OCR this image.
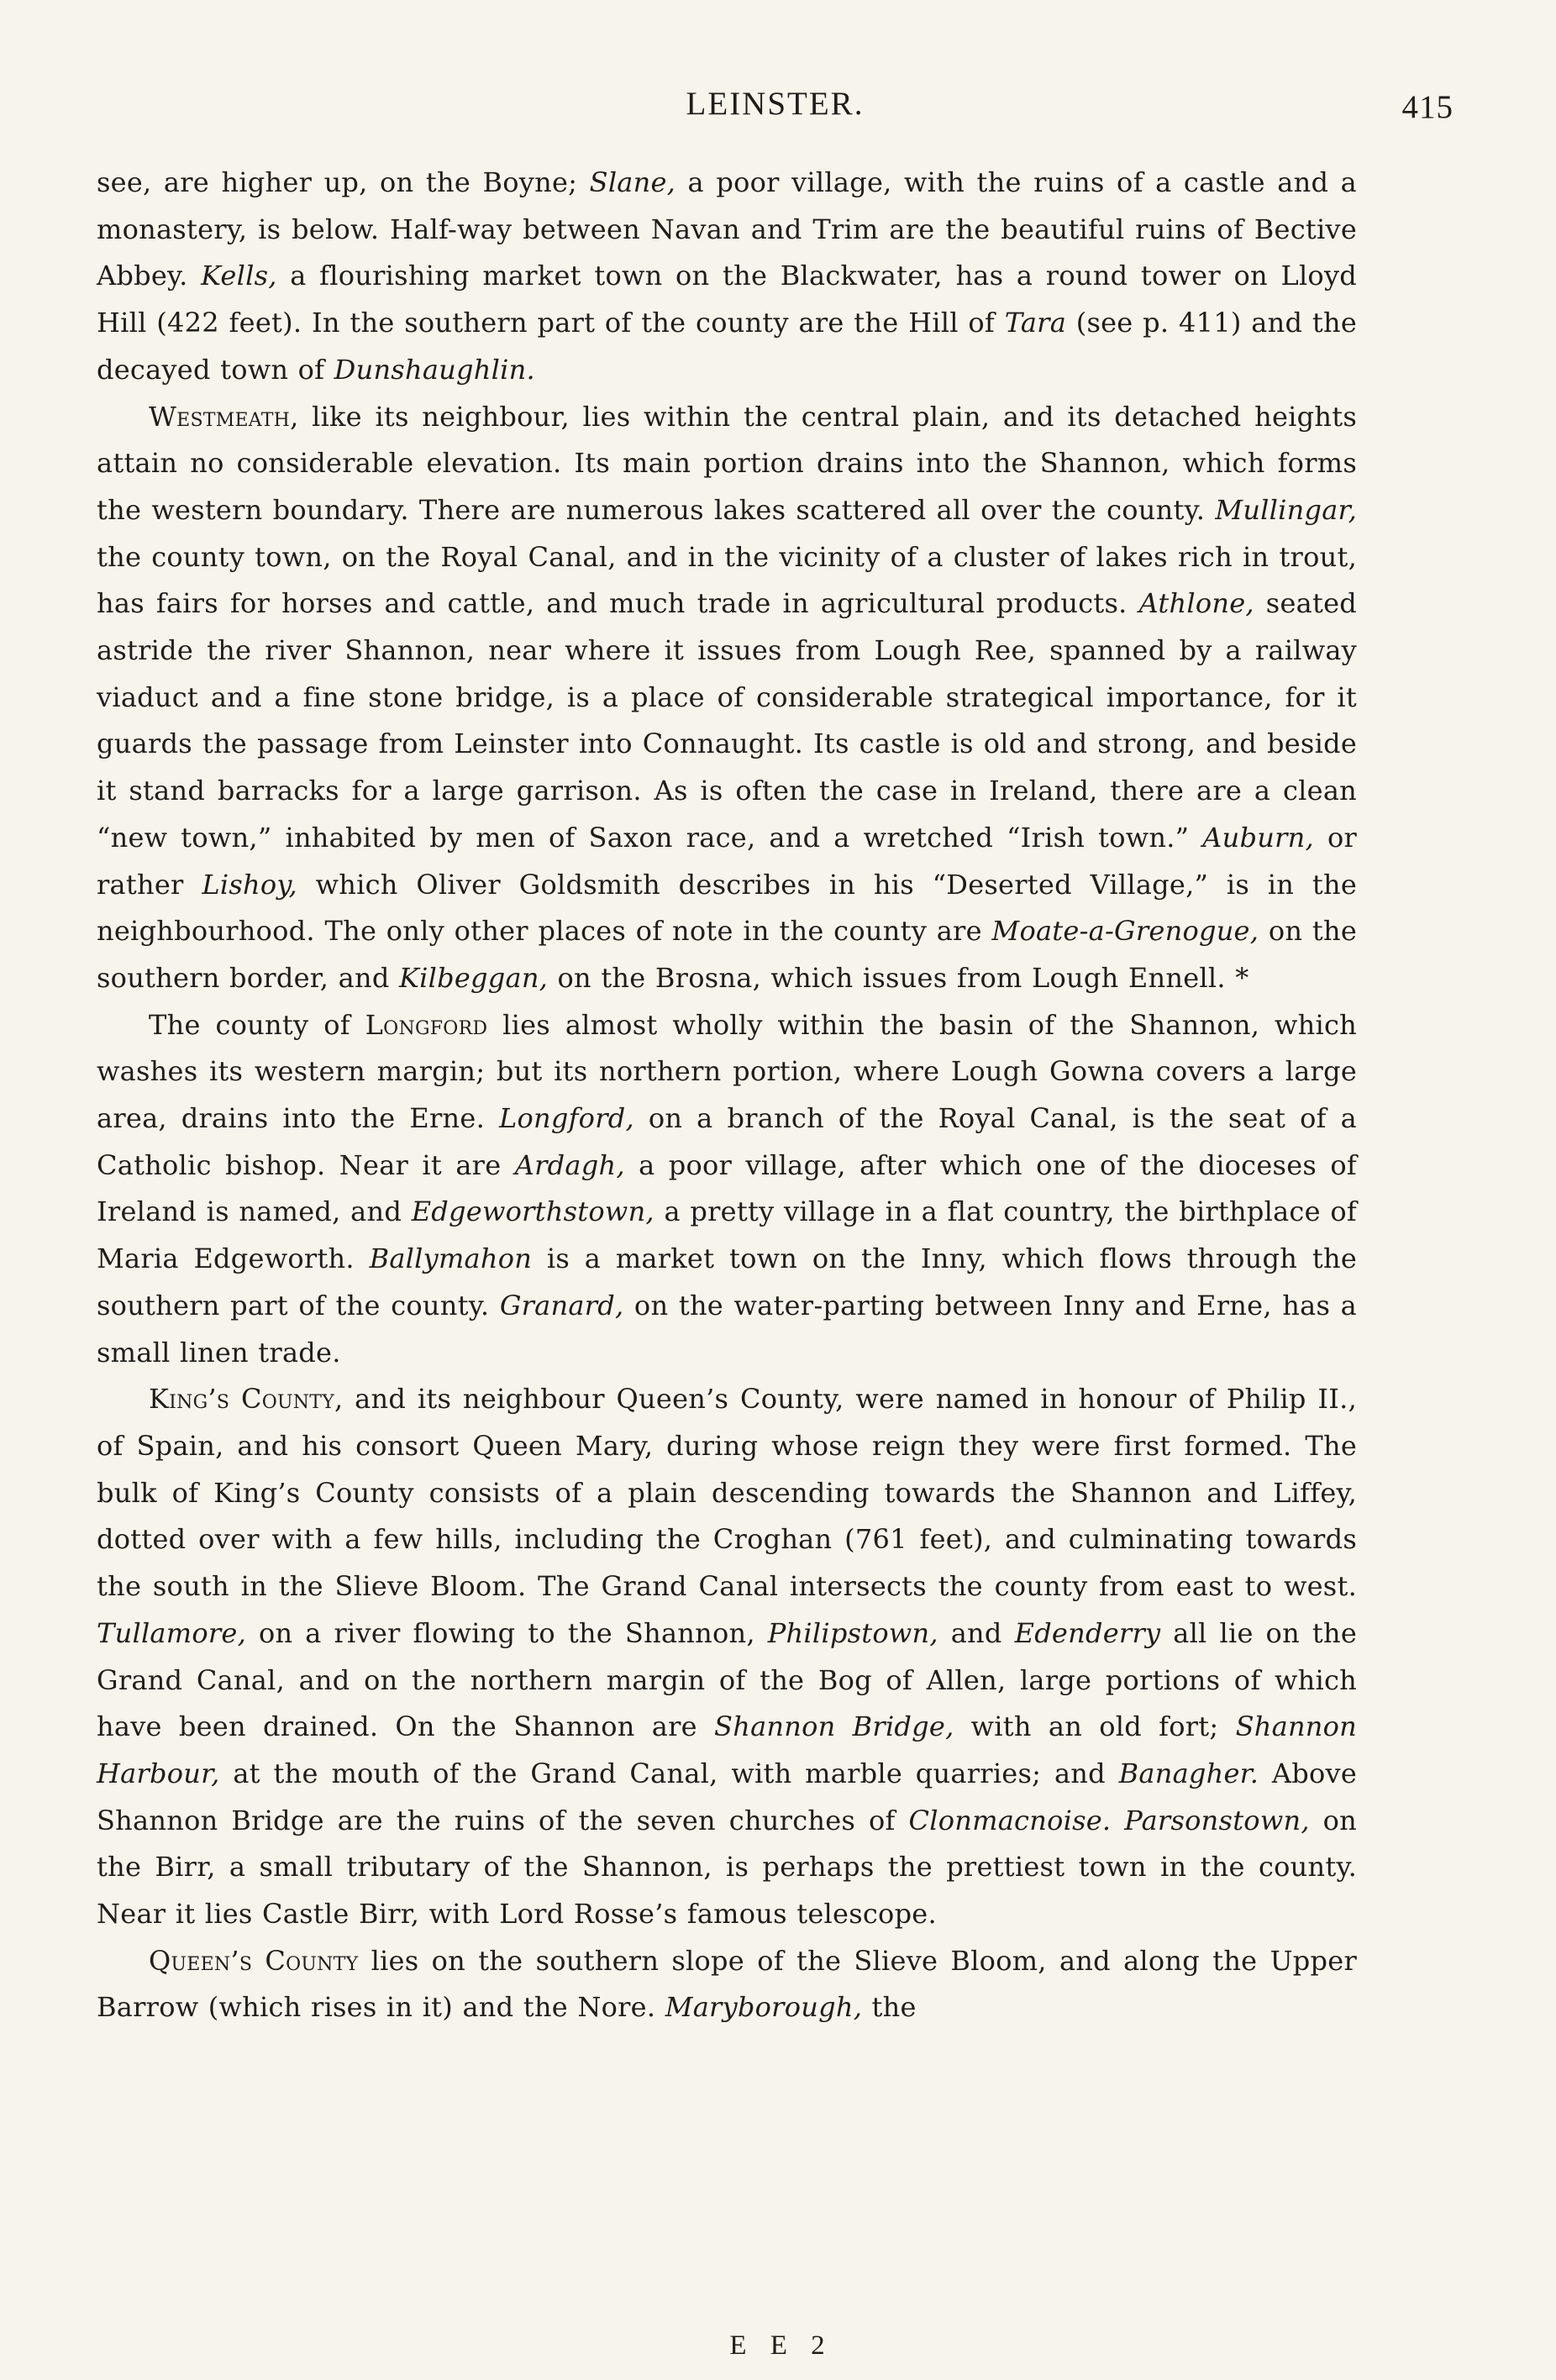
LEINSTER.	415

see, are higher up, on the Boyne; Slane, a poor village, with the ruins of a castle and a monastery, is below. Half-way between Navan and Trim are the beautiful ruins of Bective Abbey. Kells, a flourishing market town on the Blackwater, has a round tower on Lloyd Hill (422 feet). In the southern part of the county are the Hill of Tara (see p. 411) and the decayed town of Dunshaughlin.

Westmeath, like its neighbour, lies within the central plain, and its detached heights attain no considerable elevation. Its main portion drains into the Shannon, which forms the western boundary. There are numerous lakes scattered all over the county. Mullingar, the county town, on the Royal Canal, and in the vicinity of a cluster of lakes rich in trout, has fairs for horses and cattle, and much trade in agricultural products. Athlone, seated astride the river Shannon, near where it issues from Lough Ree, spanned by a railway viaduct and a fine stone bridge, is a place of considerable strategical importance, for it guards the passage from Leinster into Connaught. Its castle is old and strong, and beside it stand barracks for a large garrison. As is often the case in Ireland, there are a clean “new town,” inhabited by men of Saxon race, and a wretched “Irish town.” Auburn, or rather Lishoy, which Oliver Goldsmith describes in his “Deserted Village,” is in the neighbourhood. The only other places of note in the county are Moate-a-Grenogue, on the southern border, and Kilbeggan, on the Brosna, which issues from Lough Ennell. *

The county of Longford lies almost wholly within the basin of the Shannon, which washes its western margin; but its northern portion, where Lough Gowna covers a large area, drains into the Erne. Longford, on a branch of the Royal Canal, is the seat of a Catholic bishop. Near it are Ardagh, a poor village, after which one of the dioceses of Ireland is named, and Edgeworthstown, a pretty village in a flat country, the birthplace of Maria Edgeworth. Ballymahon is a market town on the Inny, which flows through the southern part of the county. Granard, on the water-parting between Inny and Erne, has a small linen trade.

King’s County, and its neighbour Queen’s County, were named in honour of Philip II., of Spain, and his consort Queen Mary, during whose reign they were first formed. The bulk of King’s County consists of a plain descending towards the Shannon and Liffey, dotted over with a few hills, including the Croghan (761 feet), and culminating towards the south in the Slieve Bloom. The Grand Canal intersects the county from east to west. Tullamore, on a river flowing to the Shannon, Philipstown, and Edenderry all lie on the Grand Canal, and on the northern margin of the Bog of Allen, large portions of which have been drained. On the Shannon are Shannon Bridge, with an old fort; Shannon Harbour, at the mouth of the Grand Canal, with marble quarries; and Banagher. Above Shannon Bridge are the ruins of the seven churches of Clonmacnoise. Parsonstown, on the Birr, a small tributary of the Shannon, is perhaps the prettiest town in the county. Near it lies Castle Birr, with Lord Rosse’s famous telescope.

Queen’s County lies on the southern slope of the Slieve Bloom, and along the Upper Barrow (which rises in it) and the Nore. Maryborough, the

E E 2
